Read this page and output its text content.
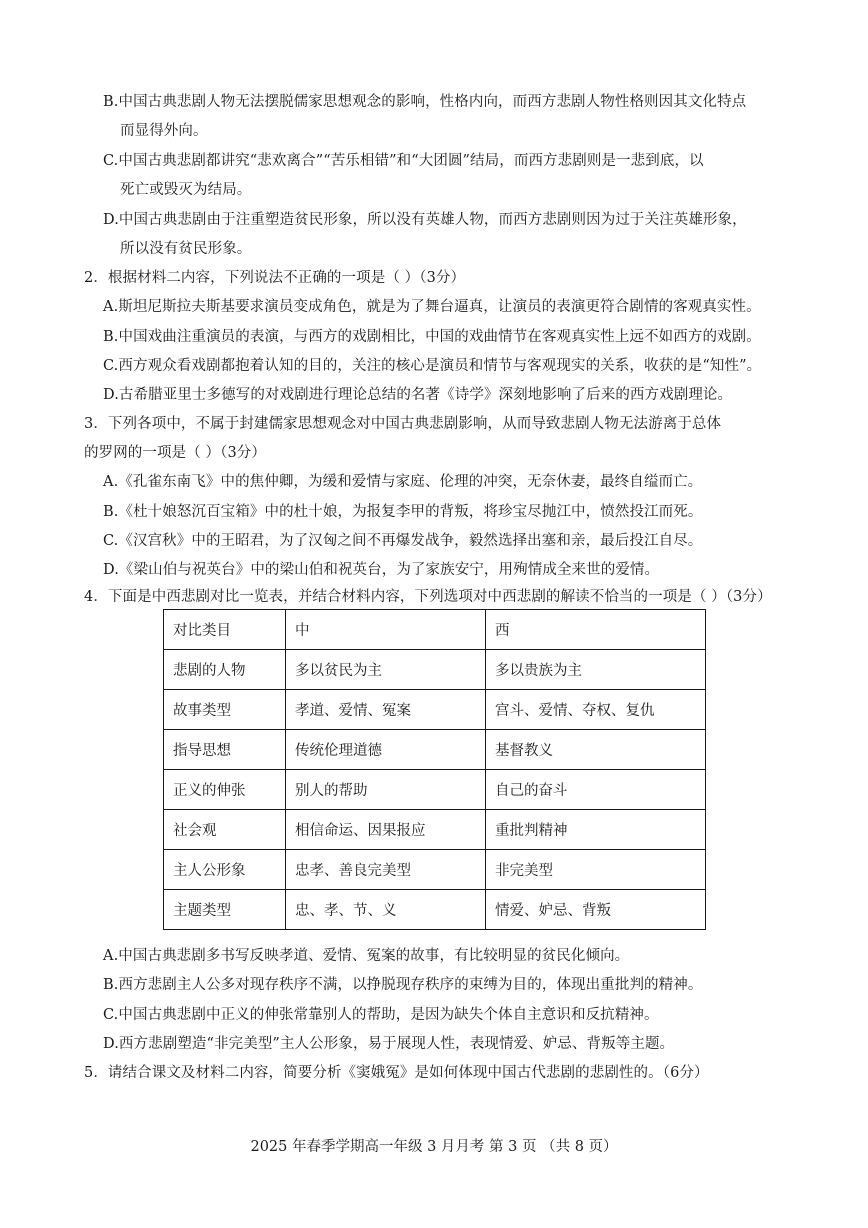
B.中国古典悲剧人物无法摆脱儒家思想观念的影响，性格内向，而西方悲剧人物性格则因其文化特点
而显得外向。
C.中国古典悲剧都讲究“悲欢离合”“苦乐相错”和“大团圆”结局，而西方悲剧则是一悲到底，以
死亡或毁灭为结局。
D.中国古典悲剧由于注重塑造贫民形象，所以没有英雄人物，而西方悲剧则因为过于关注英雄形象，
所以没有贫民形象。
2．根据材料二内容，下列说法不正确的一项是（ ）（3分）
A.斯坦尼斯拉夫斯基要求演员变成角色，就是为了舞台逼真，让演员的表演更符合剧情的客观真实性。
B.中国戏曲注重演员的表演，与西方的戏剧相比，中国的戏曲情节在客观真实性上远不如西方的戏剧。
C.西方观众看戏剧都抱着认知的目的，关注的核心是演员和情节与客观现实的关系，收获的是“知性”。
D.古希腊亚里士多德写的对戏剧进行理论总结的名著《诗学》深刻地影响了后来的西方戏剧理论。
3．下列各项中，不属于封建儒家思想观念对中国古典悲剧影响，从而导致悲剧人物无法游离于总体
的罗网的一项是（ ）（3分）
A.《孔雀东南飞》中的焦仲卿，为缓和爱情与家庭、伦理的冲突，无奈休妻，最终自缢而亡。
B.《杜十娘怒沉百宝箱》中的杜十娘，为报复李甲的背叛，将珍宝尽抛江中，愤然投江而死。
C.《汉宫秋》中的王昭君，为了汉匈之间不再爆发战争，毅然选择出塞和亲，最后投江自尽。
D.《梁山伯与祝英台》中的梁山伯和祝英台，为了家族安宁，用殉情成全来世的爱情。
4．下面是中西悲剧对比一览表，并结合材料内容，下列选项对中西悲剧的解读不恰当的一项是（ ）（3分）
对比类目	中	西
悲剧的人物	多以贫民为主	多以贵族为主
故事类型	孝道、爱情、冤案	宫斗、爱情、夺权、复仇
指导思想	传统伦理道德	基督教义
正义的伸张	别人的帮助	自己的奋斗
社会观	相信命运、因果报应	重批判精神
主人公形象	忠孝、善良完美型	非完美型
主题类型	忠、孝、节、义	情爱、妒忌、背叛
A.中国古典悲剧多书写反映孝道、爱情、冤案的故事，有比较明显的贫民化倾向。
B.西方悲剧主人公多对现存秩序不满，以挣脱现存秩序的束缚为目的，体现出重批判的精神。
C.中国古典悲剧中正义的伸张常靠别人的帮助，是因为缺失个体自主意识和反抗精神。
D.西方悲剧塑造“非完美型”主人公形象，易于展现人性，表现情爱、妒忌、背叛等主题。
5．请结合课文及材料二内容，简要分析《窦娥冤》是如何体现中国古代悲剧的悲剧性的。（6分）
2025 年春季学期高一年级 3 月月考 第 3 页 （共 8 页）
